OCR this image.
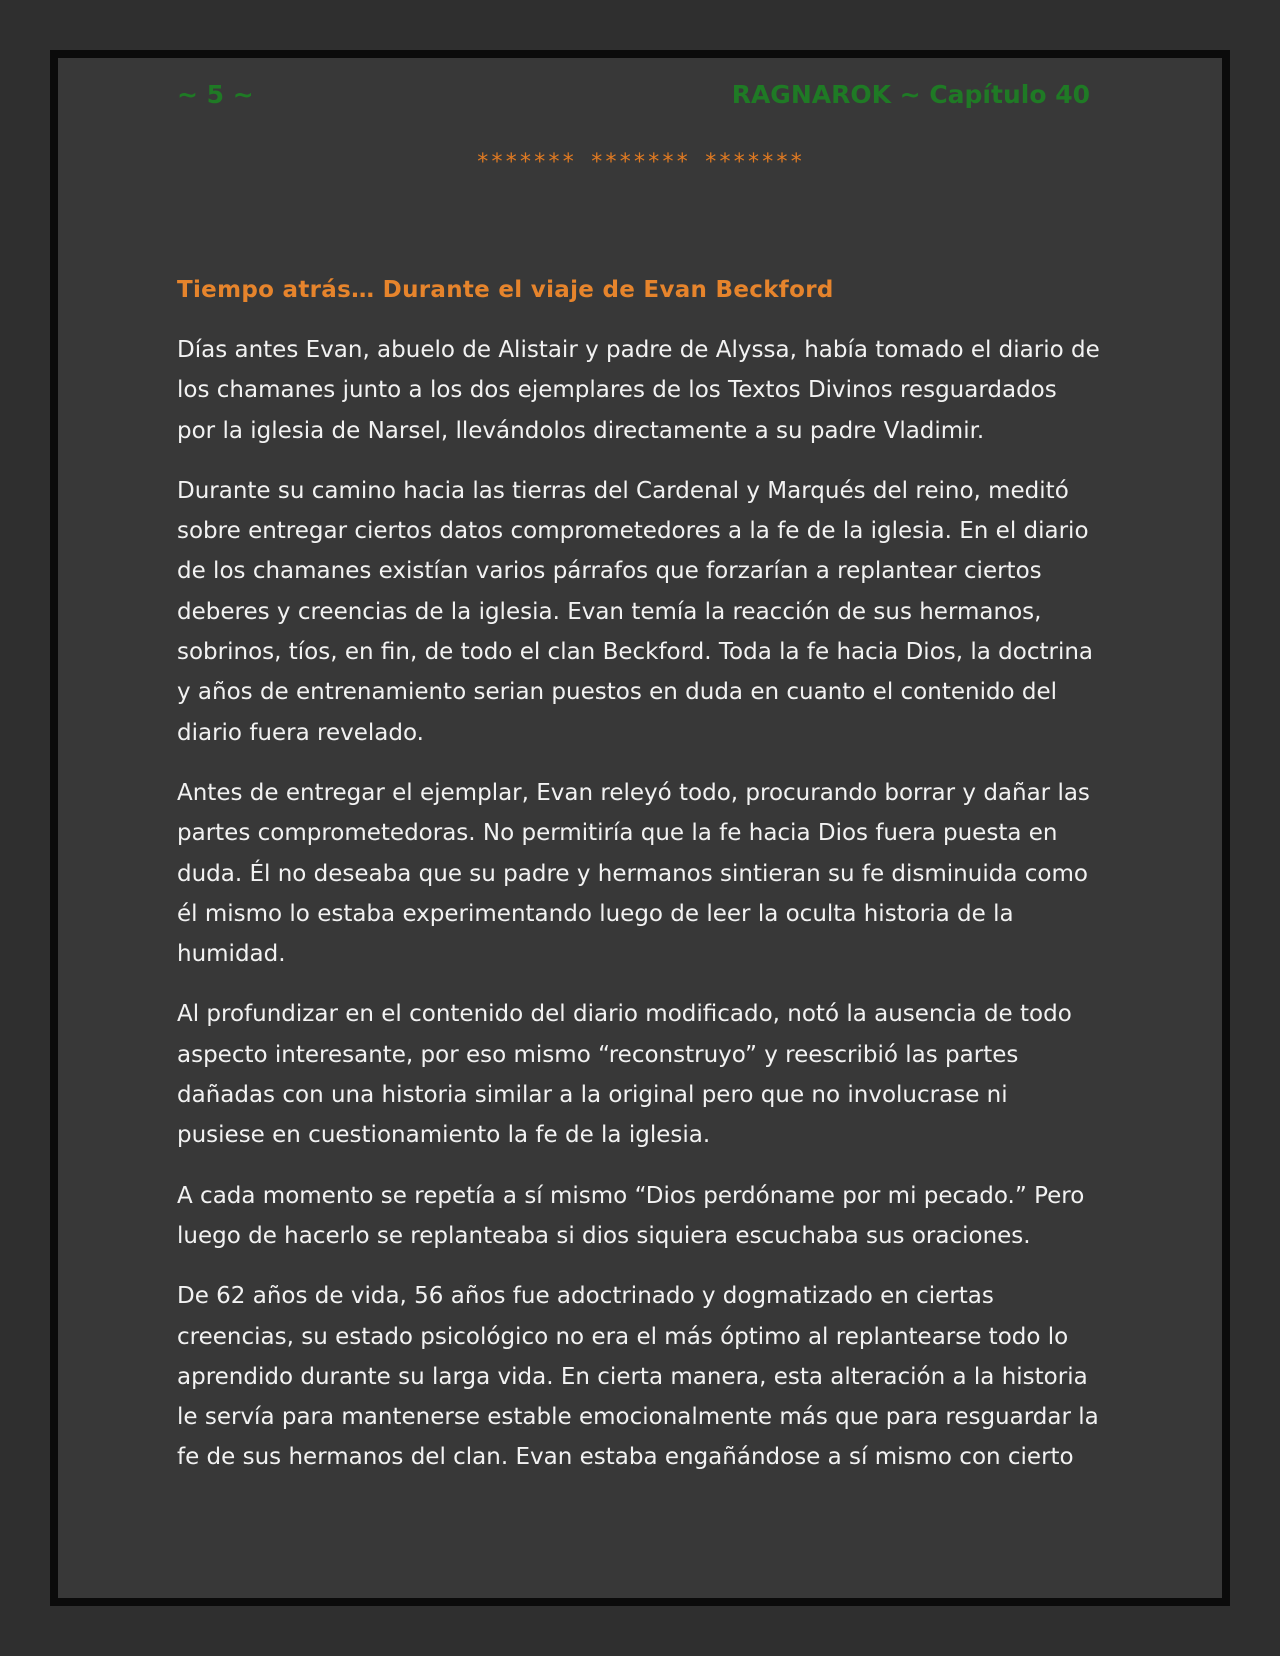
~ 5 ~	RAGNAROK ~ Capítulo 40
******* ******* *******
Tiempo atrás… Durante el viaje de Evan Beckford

Días antes Evan, abuelo de Alistair y padre de Alyssa, había tomado el diario de los chamanes junto a los dos ejemplares de los Textos Divinos resguardados por la iglesia de Narsel, llevándolos directamente a su padre Vladimir.

Durante su camino hacia las tierras del Cardenal y Marqués del reino, meditó sobre entregar ciertos datos comprometedores a la fe de la iglesia. En el diario de los chamanes existían varios párrafos que forzarían a replantear ciertos deberes y creencias de la iglesia. Evan temía la reacción de sus hermanos, sobrinos, tíos, en fin, de todo el clan Beckford. Toda la fe hacia Dios, la doctrina y años de entrenamiento serian puestos en duda en cuanto el contenido del diario fuera revelado.

Antes de entregar el ejemplar, Evan releyó todo, procurando borrar y dañar las partes comprometedoras. No permitiría que la fe hacia Dios fuera puesta en duda. Él no deseaba que su padre y hermanos sintieran su fe disminuida como él mismo lo estaba experimentando luego de leer la oculta historia de la humidad.

Al profundizar en el contenido del diario modificado, notó la ausencia de todo aspecto interesante, por eso mismo “reconstruyo” y reescribió las partes dañadas con una historia similar a la original pero que no involucrase ni pusiese en cuestionamiento la fe de la iglesia.

A cada momento se repetía a sí mismo “Dios perdóname por mi pecado.” Pero luego de hacerlo se replanteaba si dios siquiera escuchaba sus oraciones.

De 62 años de vida, 56 años fue adoctrinado y dogmatizado en ciertas creencias, su estado psicológico no era el más óptimo al replantearse todo lo aprendido durante su larga vida. En cierta manera, esta alteración a la historia le servía para mantenerse estable emocionalmente más que para resguardar la fe de sus hermanos del clan. Evan estaba engañándose a sí mismo con cierto
